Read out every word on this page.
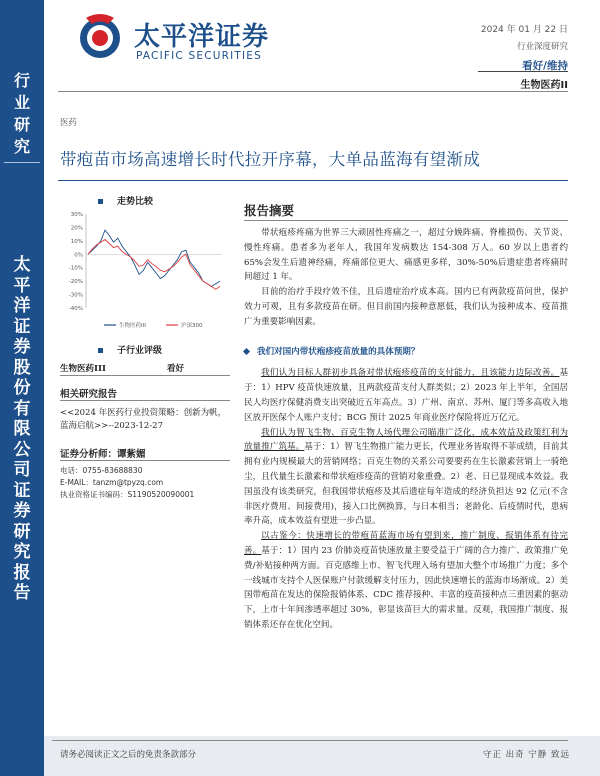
行
业
研
究
太
平
洋
证
券
股
份
有
限
公
司
证
券
研
究
报
告
太平洋证券
PACIFIC SECURITIES
2024 年 01 月 22 日
行业深度研究
看好/维持
生物医药II
医药
带疱苗市场高速增长时代拉开序幕，大单品蓝海有望渐成
走势比较
30%
20%
10%
0%
-10%
-20%
-30%
-40%
生物医药III	沪深300
子行业评级
生物医药III	看好
相关研究报告
<<2024 年医药行业投资策略：创新为帆，蓝海启航>>--2023-12-27
证券分析师：谭紫媚
电话：0755-83688830
E-MAIL：tanzm@tpyzq.com
执业资格证书编码：S1190520090001
报告摘要

带状疱疹疼痛为世界三大顽固性疼痛之一，超过分娩阵痛、脊椎损伤、关节炎、慢性疼痛。患者多为老年人，我国年发病数达 154-308 万人。60 岁以上患者约 65%会发生后遗神经痛，疼痛部位更大、痛感更多样，30%-50%后遗症患者疼痛时间超过 1 年。

目前的治疗手段疗效不佳，且后遗症治疗成本高。国内已有两款疫苗问世，保护效力可观，且有多款疫苗在研。但目前国内接种意愿低，我们认为接种成本、疫苗推广为重要影响因素。

我们对国内带状疱疹疫苗放量的具体预期？

我们认为目标人群初步具备对带状疱疹疫苗的支付能力，且该能力边际改善。基于：1）HPV 疫苗快速放量，且两款疫苗支付人群类似；2）2023 年上半年，全国居民人均医疗保健消费支出突破近五年高点。3）广州、南京、苏州、厦门等多高收入地区放开医保个人账户支付；BCG 预计 2025 年商业医疗保险将近万亿元。

我们认为智飞生物、百克生物人场代理公司瞄准广泛化，成本效益及政策红利为放量推广筑基。基于：1）智飞生物推广能力更长，代理业务皆取得不菲成绩，目前其拥有业内规模最大的营销网络；百克生物的关系公司要要药在生长激素营销上一骑绝尘，且代量生长激素和带状疱疹疫苗的营销对象重叠。2）老、日已显现成本效益。我国虽没有该类研究，但我国带状疱疹及其后遗症每年造成的经济负担达 92 亿元(不含非医疗费用、间接费用)，接入口比例换算，与日本相当；老龄化、后疫情时代，患病率升高，成本效益有望进一步凸显。

以古鉴今：快速增长的带疱苗蓝海市场有望到来，推广制度、报销体系有待完善。基于：1）国内 23 价肺炎疫苗快速放量主要受益于广阔的合力推广、政策推广免费/补贴接种两方面。百克感维上市、智飞代理入场有望加大整个市场推广力度；多个一线城市支持个人医保账户付款缓解支付压力，因此快速增长的蓝海市场渐成。2）美国带疱苗在发达的保险报销体系、CDC 推荐接种、丰富的疫苗接种点三重因素的驱动下，上市十年间渗透率超过 30%，彰显该苗巨大的需求量。反观，我国推广制度、报销体系还存在优化空间。

请务必阅读正文之后的免责条款部分	守正 出奇 宁静 致远
